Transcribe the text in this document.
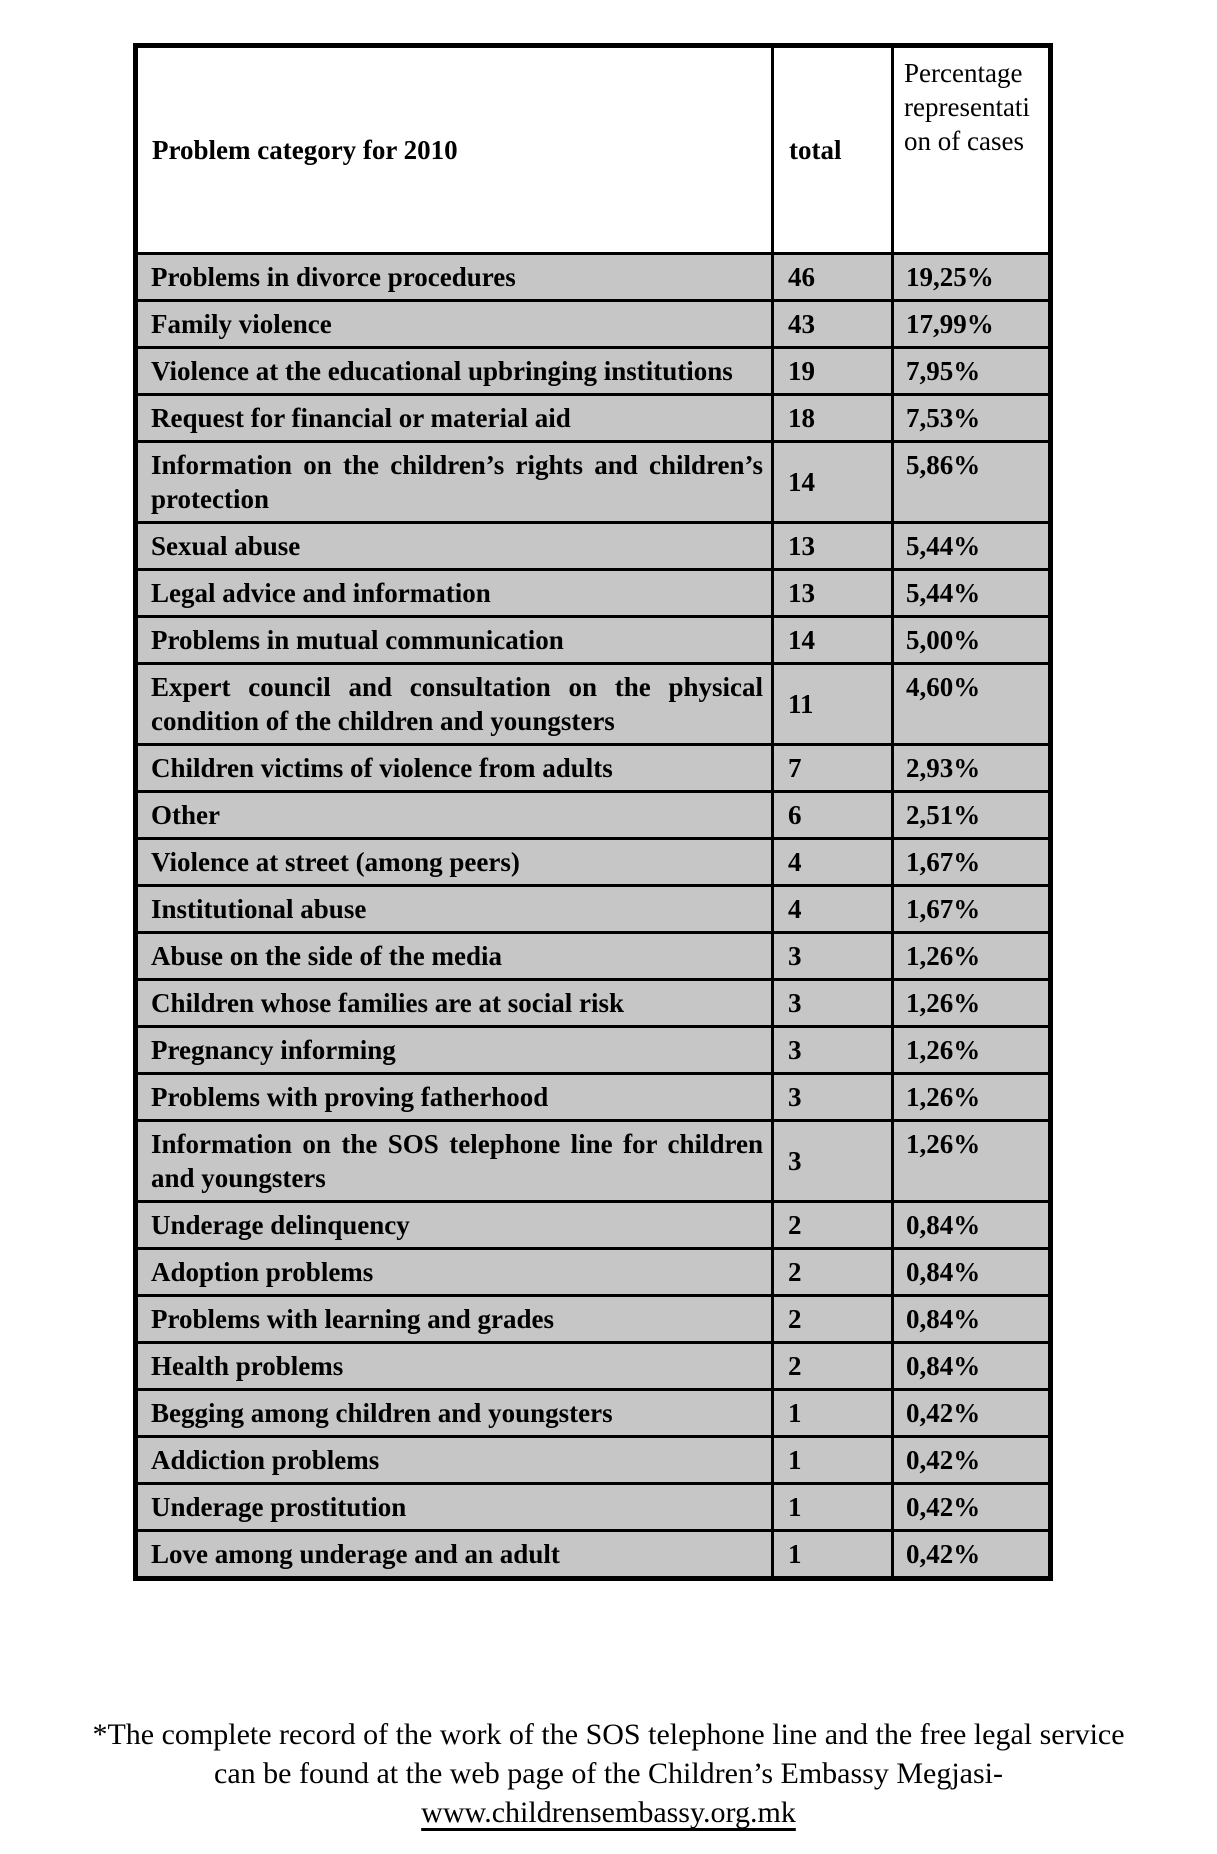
Problem category for 2010	total	Percentage representation of cases
Problems in divorce procedures	46	19,25%
Family violence	43	17,99%
Violence at the educational upbringing institutions	19	7,95%
Request for financial or material aid	18	7,53%
Information on the children’s rights and children’s protection	14	5,86%
Sexual abuse	13	5,44%
Legal advice and information	13	5,44%
Problems in mutual communication	14	5,00%
Expert council and consultation on the physical condition of the children and youngsters	11	4,60%
Children victims of violence from adults	7	2,93%
Other	6	2,51%
Violence at street (among peers)	4	1,67%
Institutional abuse	4	1,67%
Abuse on the side of the media	3	1,26%
Children whose families are at social risk	3	1,26%
Pregnancy informing	3	1,26%
Problems with proving fatherhood	3	1,26%
Information on the SOS telephone line for children and youngsters	3	1,26%
Underage delinquency	2	0,84%
Adoption problems	2	0,84%
Problems with learning and grades	2	0,84%
Health problems	2	0,84%
Begging among children and youngsters	1	0,42%
Addiction problems	1	0,42%
Underage prostitution	1	0,42%
Love among underage and an adult	1	0,42%
*The complete record of the work of the SOS telephone line and the free legal service
can be found at the web page of the Children’s Embassy Megjasi-
www.childrensembassy.org.mk
